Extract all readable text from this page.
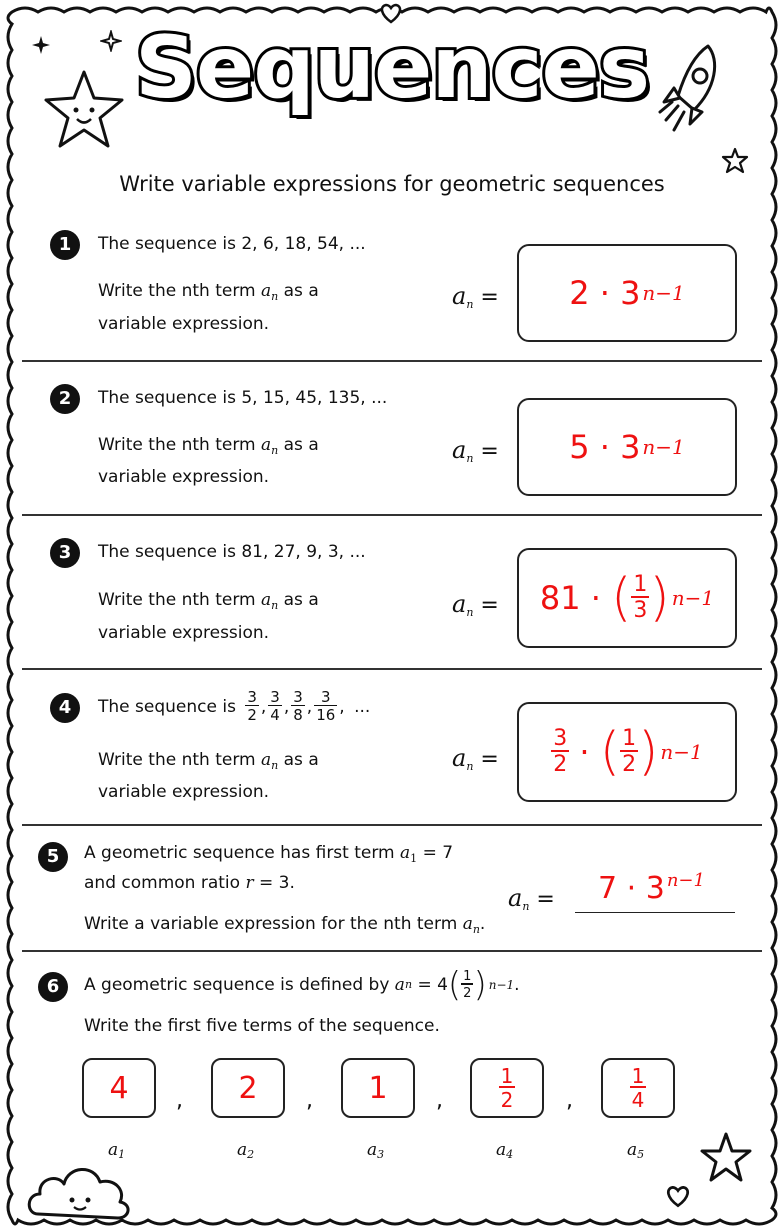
Sequences
Write variable expressions for geometric sequences
1	The sequence is 2, 6, 18, 54, ...
Write the nth term $a_n$ as a
variable expression.
$a_n = 2$
·
3 n−1
2	The sequence is 5, 15, 45, 135, ...
Write the nth term $a_n$ as a
variable expression.
$a_n = 5$
·
3 n−1
3	The sequence is 81, 27, 9, 3, ...
Write the nth term $a_n$ as a
variable expression.
$a_n = 81$
·
( $\frac{1}{3}$ ) n−1
4	The sequence is
$\frac{3}{2}$ , $\frac{3}{4}$ , $\frac{3}{8}$ , $\frac{3}{16}$ ,
...
Write the nth term $a_n$ as a
variable expression.
$a_n = \frac{3}{2}$
·
( $\frac{1}{2}$ ) n−1
5	A geometric sequence has first term $a_1 = 7$
and common ratio r = 3.
Write a variable expression for the nth term $a_n$.
$a_n = 7 \cdot 3$ $^{n-1}$
6	A geometric sequence is defined by
a n
= 4 ( $\frac{1}{2}$ ) n−1 .
Write the first five terms of the sequence.
4 , 2 , 1 ,	$\frac{1}{2}$ ,	$\frac{1}{4}$
a1	a2	a3	a4	a5
